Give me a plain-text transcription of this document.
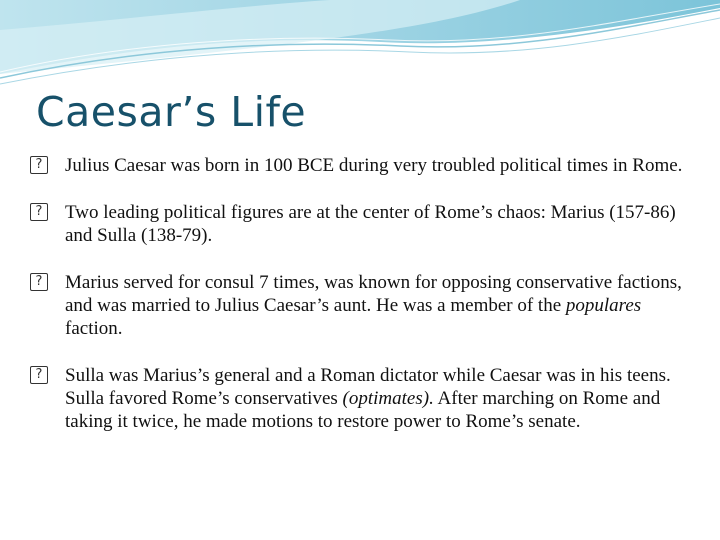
Caesar’s Life
?
Julius Caesar was born in 100 BCE during very troubled political times in Rome.
?
Two leading political figures are at the center of Rome’s chaos: Marius (157-86) and Sulla (138-79).
?
Marius served for consul 7 times, was known for opposing conservative factions, and was married to Julius Caesar’s aunt. He was a member of the populares faction.
?
Sulla was Marius’s general and a Roman dictator while Caesar was in his teens. Sulla favored Rome’s conservatives (optimates). After marching on Rome and taking it twice, he made motions to restore power to Rome’s senate.
